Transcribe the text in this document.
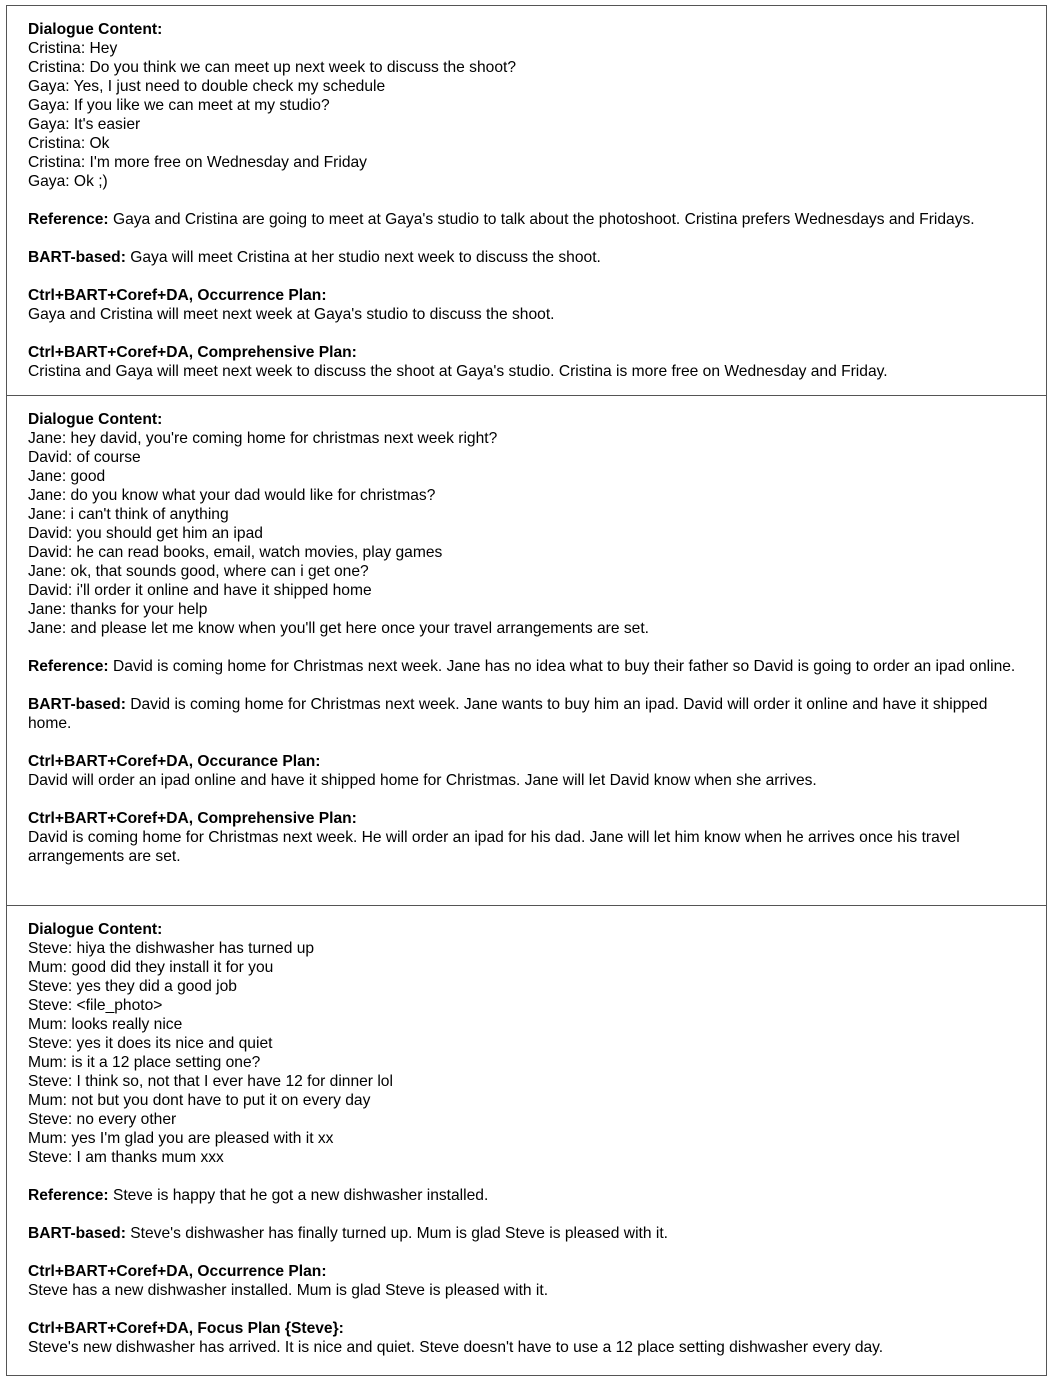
Dialogue Content:
Cristina: Hey
Cristina: Do you think we can meet up next week to discuss the shoot?
Gaya: Yes, I just need to double check my schedule
Gaya: If you like we can meet at my studio?
Gaya: It's easier
Cristina: Ok
Cristina: I'm more free on Wednesday and Friday
Gaya: Ok ;)
Reference: Gaya and Cristina are going to meet at Gaya's studio to talk about the photoshoot. Cristina prefers Wednesdays and Fridays.
BART-based: Gaya will meet Cristina at her studio next week to discuss the shoot.
Ctrl+BART+Coref+DA, Occurrence Plan:
Gaya and Cristina will meet next week at Gaya's studio to discuss the shoot.
Ctrl+BART+Coref+DA, Comprehensive Plan:
Cristina and Gaya will meet next week to discuss the shoot at Gaya's studio. Cristina is more free on Wednesday and Friday.
Dialogue Content:
Jane: hey david, you're coming home for christmas next week right?
David: of course
Jane: good
Jane: do you know what your dad would like for christmas?
Jane: i can't think of anything
David: you should get him an ipad
David: he can read books, email, watch movies, play games
Jane: ok, that sounds good, where can i get one?
David: i'll order it online and have it shipped home
Jane: thanks for your help
Jane: and please let me know when you'll get here once your travel arrangements are set.
Reference: David is coming home for Christmas next week. Jane has no idea what to buy their father so David is going to order an ipad online.
BART-based: David is coming home for Christmas next week. Jane wants to buy him an ipad. David will order it online and have it shipped home.
Ctrl+BART+Coref+DA, Occurance Plan:
David will order an ipad online and have it shipped home for Christmas. Jane will let David know when she arrives.
Ctrl+BART+Coref+DA, Comprehensive Plan:
David is coming home for Christmas next week. He will order an ipad for his dad. Jane will let him know when he arrives once his travel arrangements are set.
Dialogue Content:
Steve: hiya the dishwasher has turned up
Mum: good did they install it for you
Steve: yes they did a good job
Steve: <file_photo>
Mum: looks really nice
Steve: yes it does its nice and quiet
Mum: is it a 12 place setting one?
Steve: I think so, not that I ever have 12 for dinner lol
Mum: not but you dont have to put it on every day
Steve: no every other
Mum: yes I'm glad you are pleased with it xx
Steve: I am thanks mum xxx
Reference: Steve is happy that he got a new dishwasher installed.
BART-based: Steve's dishwasher has finally turned up. Mum is glad Steve is pleased with it.
Ctrl+BART+Coref+DA, Occurrence Plan:
Steve has a new dishwasher installed. Mum is glad Steve is pleased with it.
Ctrl+BART+Coref+DA, Focus Plan {Steve}:
Steve's new dishwasher has arrived. It is nice and quiet. Steve doesn't have to use a 12 place setting dishwasher every day.
